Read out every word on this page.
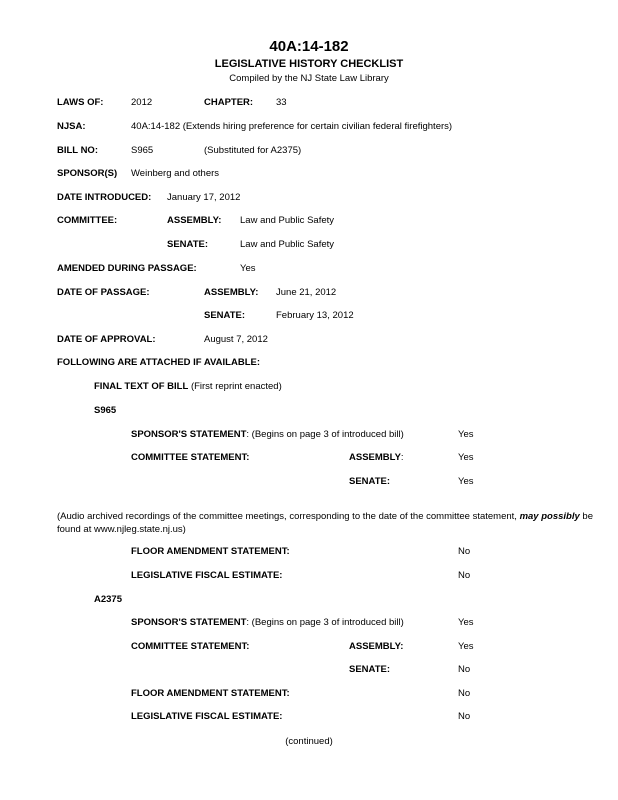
40A:14-182
LEGISLATIVE HISTORY CHECKLIST
Compiled by the NJ State Law Library
LAWS OF:	2012	CHAPTER: 33
NJSA:	40A:14-182 (Extends hiring preference for certain civilian federal firefighters)
BILL NO:	S965	(Substituted for A2375)
SPONSOR(S) Weinberg and others
DATE INTRODUCED: January 17, 2012
COMMITTEE:	ASSEMBLY: Law and Public Safety
SENATE:	Law and Public Safety
AMENDED DURING PASSAGE:	Yes
DATE OF PASSAGE:	ASSEMBLY: June 21, 2012
SENATE:	February 13, 2012
DATE OF APPROVAL:	August 7, 2012
FOLLOWING ARE ATTACHED IF AVAILABLE:
FINAL TEXT OF BILL (First reprint enacted)
S965
SPONSOR'S STATEMENT: (Begins on page 3 of introduced bill)	Yes
COMMITTEE STATEMENT:	ASSEMBLY:	Yes
SENATE:	Yes
(Audio archived recordings of the committee meetings, corresponding to the date of the committee statement, may possibly be found at www.njleg.state.nj.us)
FLOOR AMENDMENT STATEMENT:	No
LEGISLATIVE FISCAL ESTIMATE:	No
A2375
SPONSOR'S STATEMENT: (Begins on page 3 of introduced bill)	Yes
COMMITTEE STATEMENT:	ASSEMBLY:	Yes
SENATE:	No
FLOOR AMENDMENT STATEMENT:	No
LEGISLATIVE FISCAL ESTIMATE:	No
(continued)
